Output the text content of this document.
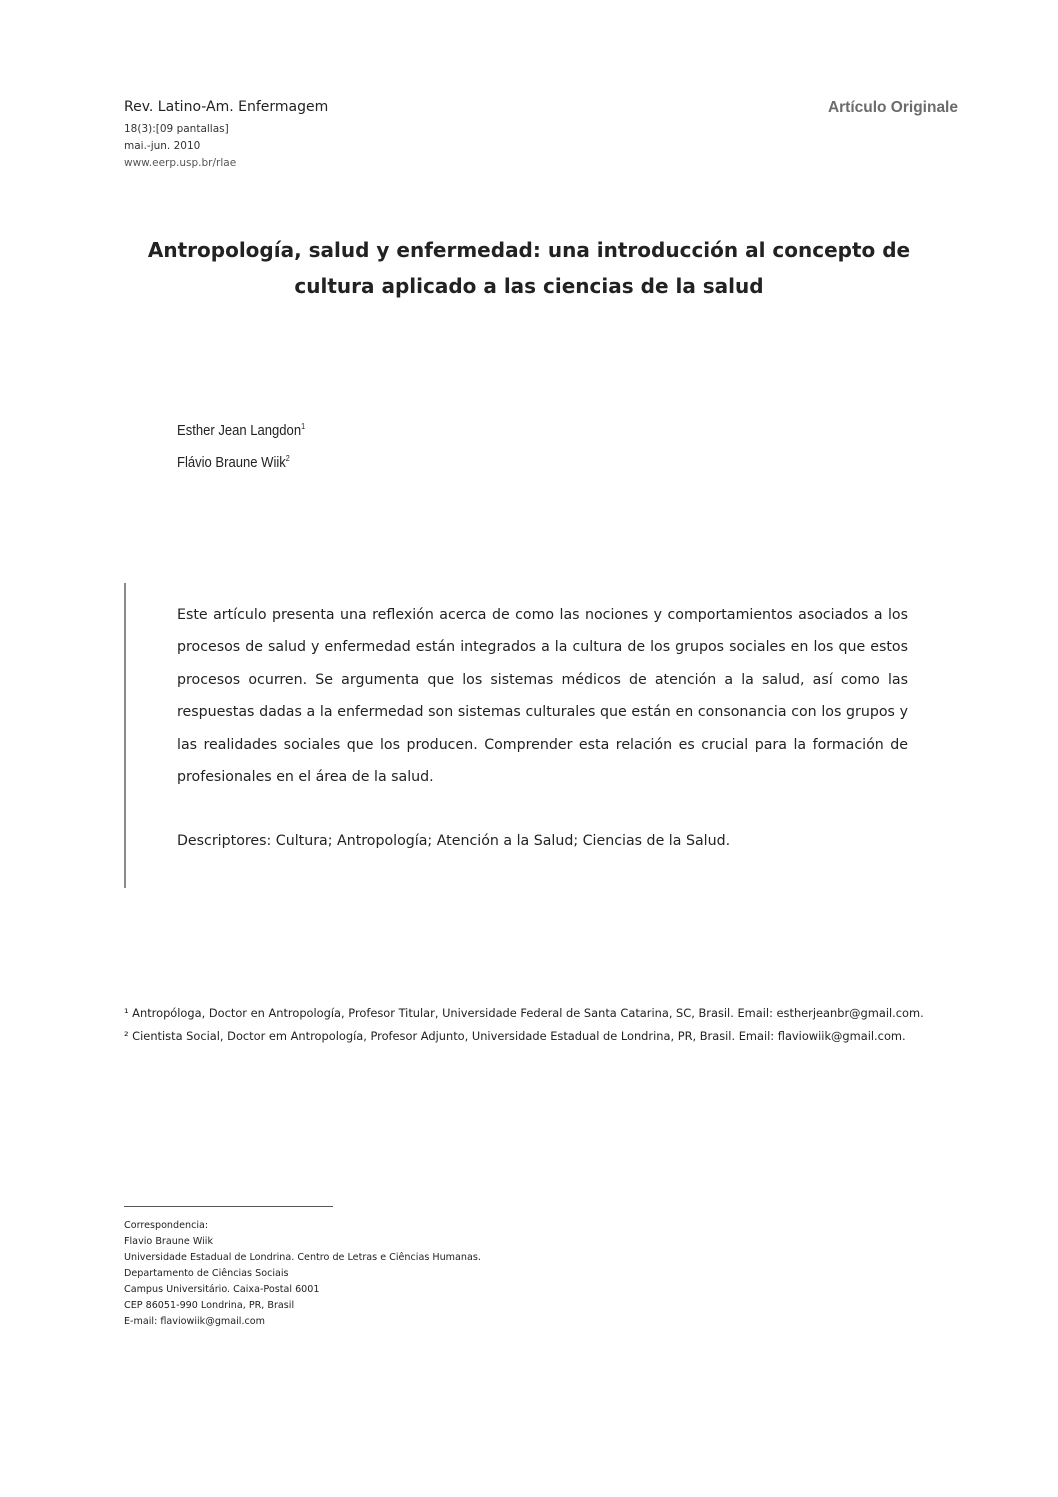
Rev. Latino-Am. Enfermagem
18(3):[09 pantallas]
mai.-jun. 2010
www.eerp.usp.br/rlae
Artículo Originale
Antropología, salud y enfermedad: una introducción al concepto de
cultura aplicado a las ciencias de la salud
Esther Jean Langdon$^1$
Flávio Braune Wiik$^2$
Este artículo presenta una reflexión acerca de como las nociones y comportamientos asociados a los procesos de salud y enfermedad están integrados a la cultura de los grupos sociales en los que estos procesos ocurren. Se argumenta que los sistemas médicos de atención a la salud, así como las respuestas dadas a la enfermedad son sistemas culturales que están en consonancia con los grupos y las realidades sociales que los producen. Comprender esta relación es crucial para la formación de profesionales en el área de la salud.
Descriptores: Cultura; Antropología; Atención a la Salud; Ciencias de la Salud.
¹ Antropóloga, Doctor en Antropología, Profesor Titular, Universidade Federal de Santa Catarina, SC, Brasil. Email: estherjeanbr@gmail.com.
² Cientista Social, Doctor em Antropología, Profesor Adjunto, Universidade Estadual de Londrina, PR, Brasil. Email: flaviowiik@gmail.com.
Correspondencia:
Flavio Braune Wiik
Universidade Estadual de Londrina. Centro de Letras e Ciências Humanas.
Departamento de Ciências Sociais
Campus Universitário. Caixa-Postal 6001
CEP 86051-990 Londrina, PR, Brasil
E-mail: flaviowiik@gmail.com
